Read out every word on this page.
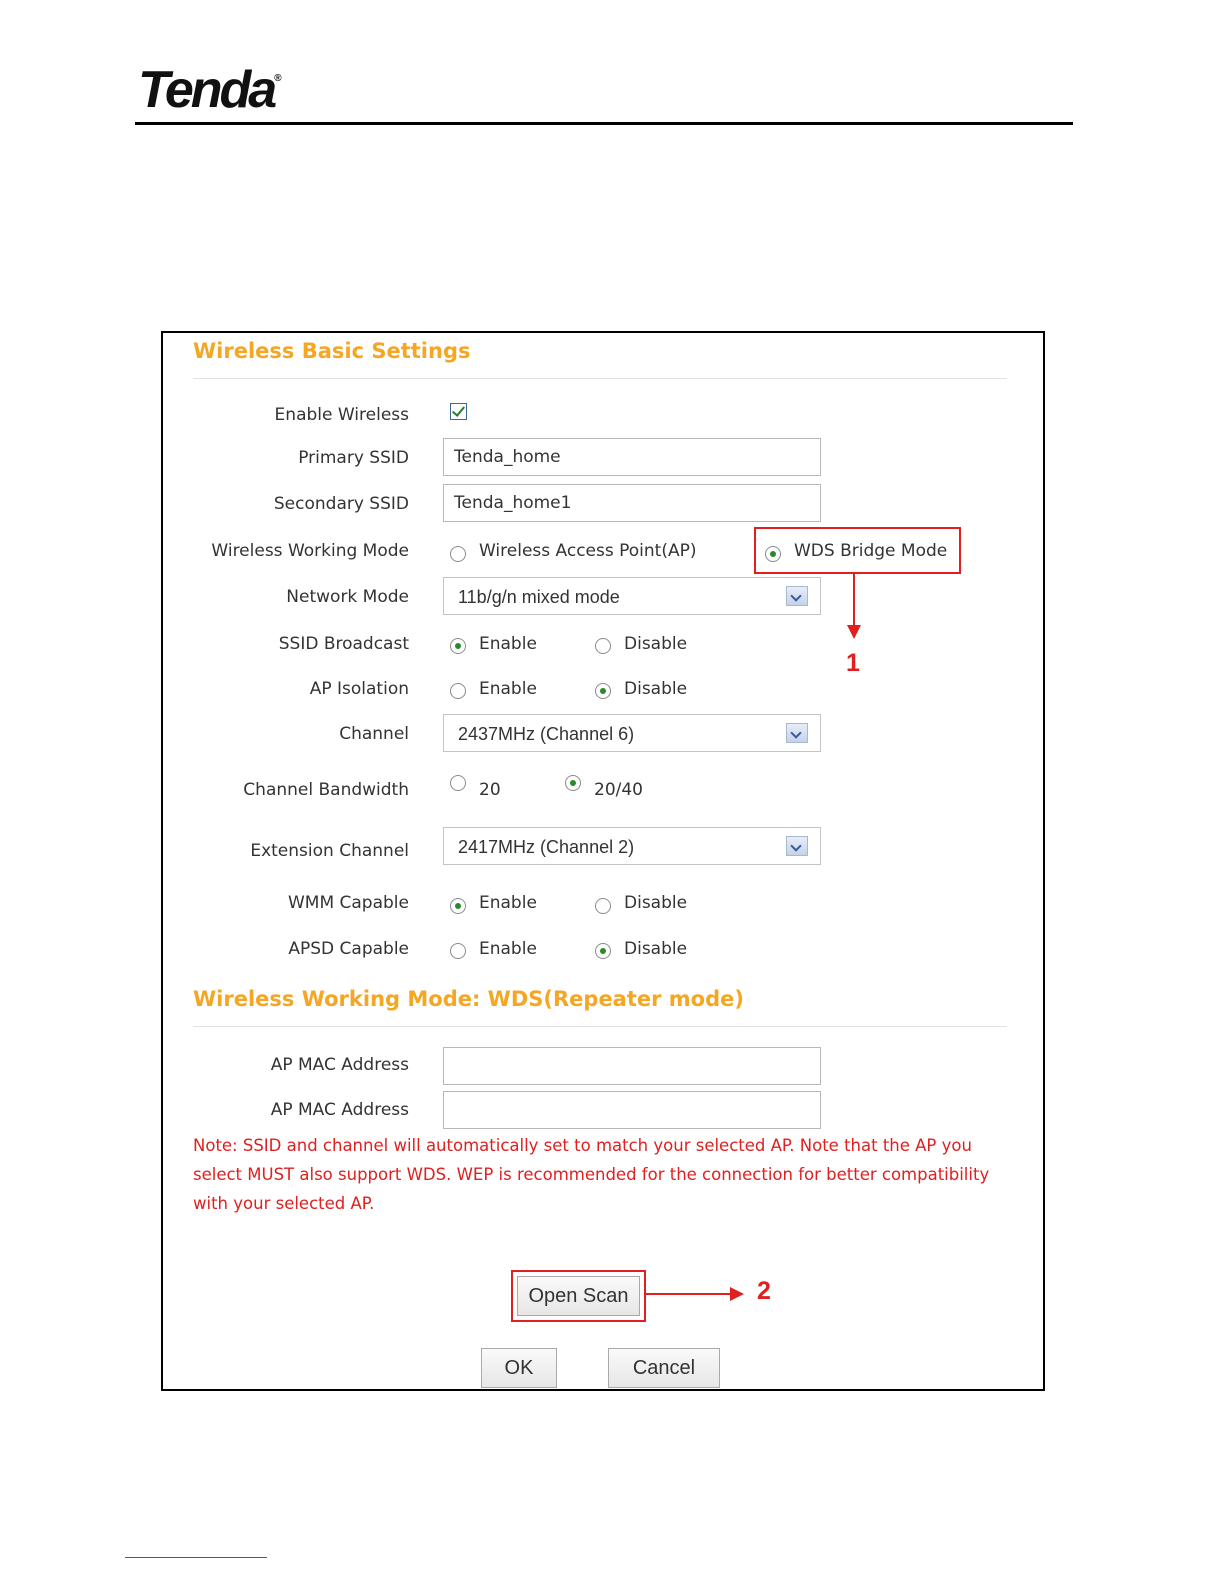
Tenda®
Wireless Basic Settings
Enable Wireless
Primary SSID	Tenda_home
Secondary SSID	Tenda_home1
Wireless Working Mode	Wireless Access Point(AP)	WDS Bridge Mode
1
Network Mode	11b/g/n mixed mode
SSID Broadcast	Enable	Disable
AP Isolation	Enable	Disable
Channel	2437MHz (Channel 6)
Channel Bandwidth	20	20/40
Extension Channel	2417MHz (Channel 2)
WMM Capable	Enable	Disable
APSD Capable	Enable	Disable
Wireless Working Mode: WDS(Repeater mode)
AP MAC Address
AP MAC Address
Note: SSID and channel will automatically set to match your selected AP. Note that the AP you select MUST also support WDS. WEP is recommended for the connection for better compatibility with your selected AP.
Open Scan	2
OK	Cancel
